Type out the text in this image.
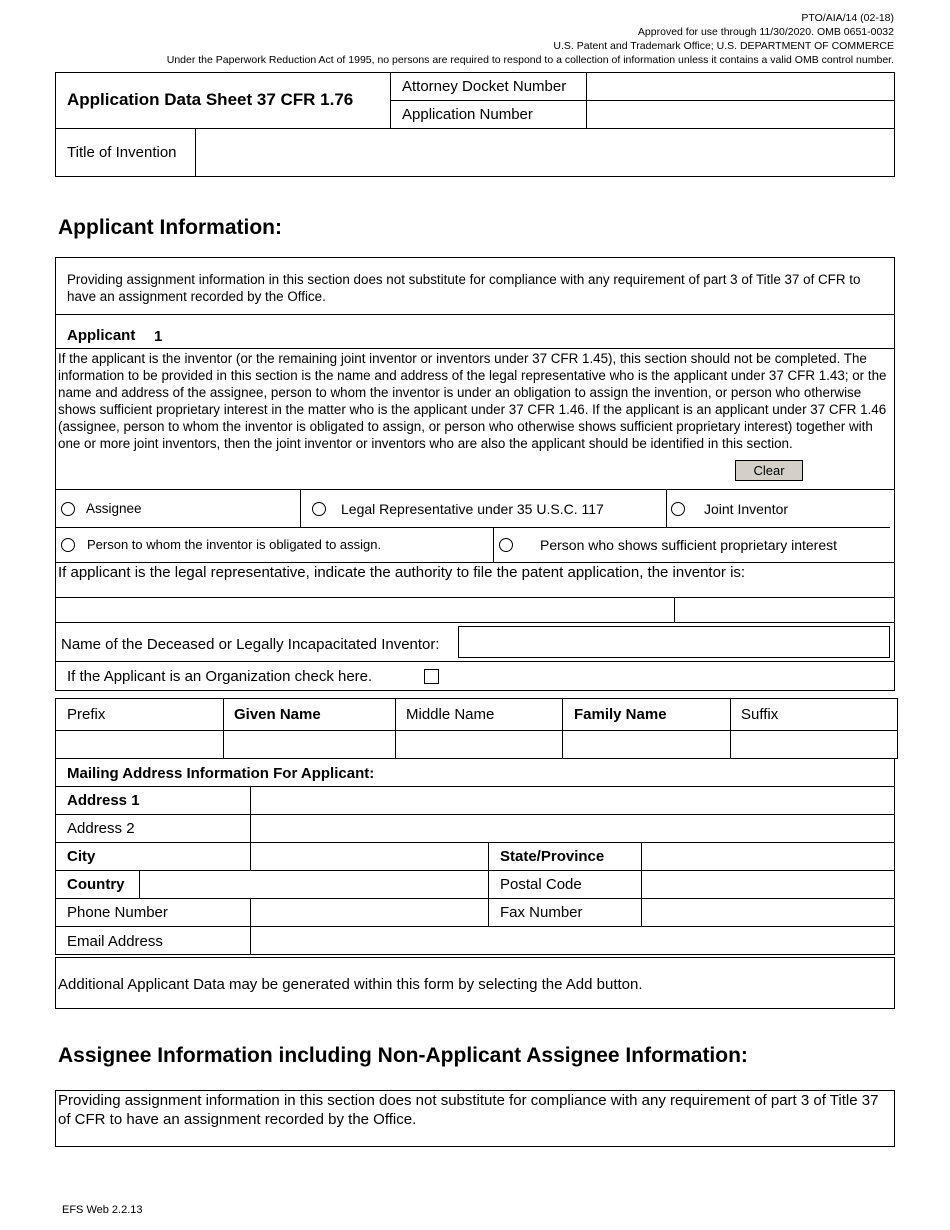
PTO/AIA/14 (02-18)
Approved for use through 11/30/2020. OMB 0651-0032
U.S. Patent and Trademark Office; U.S. DEPARTMENT OF COMMERCE
Under the Paperwork Reduction Act of 1995, no persons are required to respond to a collection of information unless it contains a valid OMB control number.
Application Data Sheet 37 CFR 1.76
Attorney Docket Number
Application Number
Title of Invention
Applicant Information:
Providing assignment information in this section does not substitute for compliance with any requirement of part 3 of Title 37 of CFR to have an assignment recorded by the Office.
Applicant 1
If the applicant is the inventor (or the remaining joint inventor or inventors under 37 CFR 1.45), this section should not be completed. The information to be provided in this section is the name and address of the legal representative who is the applicant under 37 CFR 1.43; or the name and address of the assignee, person to whom the inventor is under an obligation to assign the invention, or person who otherwise shows sufficient proprietary interest in the matter who is the applicant under 37 CFR 1.46. If the applicant is an applicant under 37 CFR 1.46 (assignee, person to whom the inventor is obligated to assign, or person who otherwise shows sufficient proprietary interest) together with one or more joint inventors, then the joint inventor or inventors who are also the applicant should be identified in this section.
Clear
Assignee	Legal Representative under 35 U.S.C. 117	Joint Inventor
Person to whom the inventor is obligated to assign.	Person who shows sufficient proprietary interest
If applicant is the legal representative, indicate the authority to file the patent application, the inventor is:
Name of the Deceased or Legally Incapacitated Inventor:
If the Applicant is an Organization check here.
Prefix	Given Name	Middle Name	Family Name	Suffix
Mailing Address Information For Applicant:
Address 1
Address 2
City	State/Province
Country	Postal Code
Phone Number	Fax Number
Email Address
Additional Applicant Data may be generated within this form by selecting the Add button.
Assignee Information including Non-Applicant Assignee Information:
Providing assignment information in this section does not substitute for compliance with any requirement of part 3 of Title 37 of CFR to have an assignment recorded by the Office.
EFS Web 2.2.13
